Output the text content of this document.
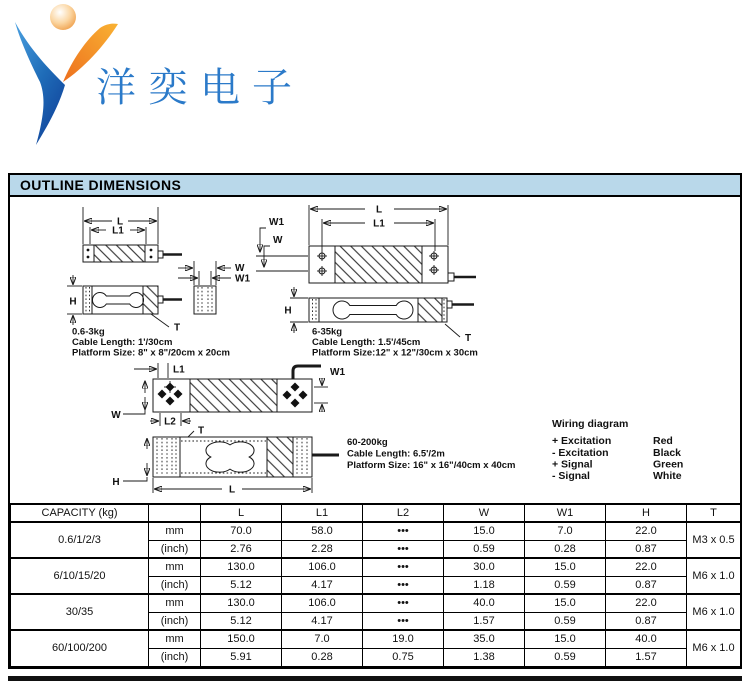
洋奕电子
OUTLINE DIMENSIONS
L
L1
H
T
W
W1
0.6-3kg
Cable Length: 1'/30cm
Platform Size: 8" x 8"/20cm x 20cm
L
L1
W1
W
H
T
6-35kg
Cable Length: 1.5'/45cm
Platform Size:12" x 12"/30cm x 30cm
L1	W1
W
L2
T
H
L
60-200kg
Cable Length: 6.5'/2m
Platform Size: 16" x 16"/40cm x 40cm
Wiring diagram
+ Excitation	Red
- Excitation	Black
+ Signal	Green
- Signal	White
CAPACITY (kg)		L	L1	L2	W	W1	H	T
0.6/1/2/3	mm	70.0	58.0	•••	15.0	7.0	22.0	M3 x 0.5
	(inch)	2.76	2.28	•••	0.59	0.28	0.87	
6/10/15/20	mm	130.0	106.0	•••	30.0	15.0	22.0	M6 x 1.0
	(inch)	5.12	4.17	•••	1.18	0.59	0.87	
30/35	mm	130.0	106.0	•••	40.0	15.0	22.0	M6 x 1.0
	(inch)	5.12	4.17	•••	1.57	0.59	0.87	
60/100/200	mm	150.0	7.0	19.0	35.0	15.0	40.0	M6 x 1.0
	(inch)	5.91	0.28	0.75	1.38	0.59	1.57	
